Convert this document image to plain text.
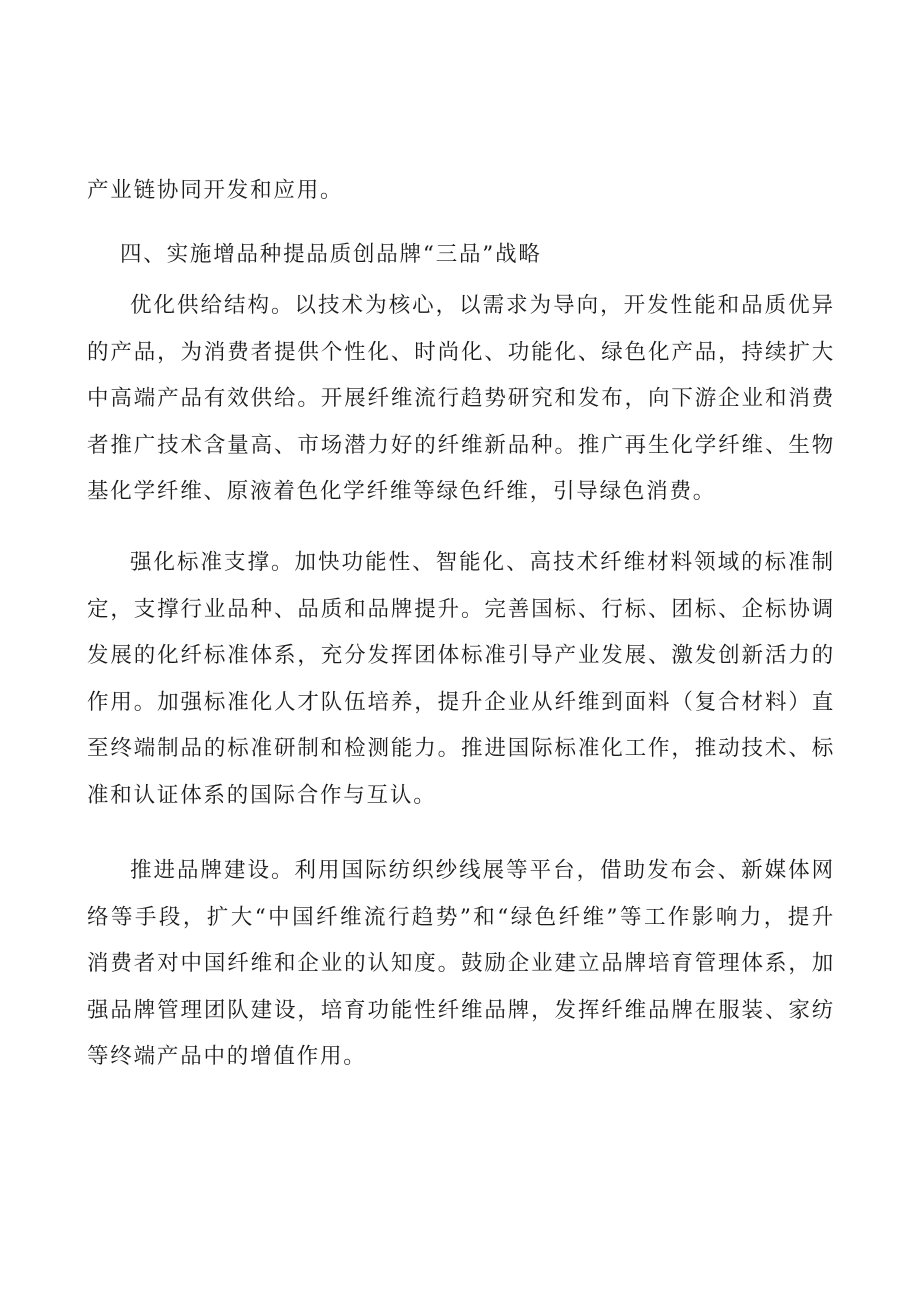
产业链协同开发和应用。

四、实施增品种提品质创品牌“三品”战略

优化供给结构。以技术为核心，以需求为导向，开发性能和品质优异的产品，为消费者提供个性化、时尚化、功能化、绿色化产品，持续扩大中高端产品有效供给。开展纤维流行趋势研究和发布，向下游企业和消费者推广技术含量高、市场潜力好的纤维新品种。推广再生化学纤维、生物基化学纤维、原液着色化学纤维等绿色纤维，引导绿色消费。

强化标准支撑。加快功能性、智能化、高技术纤维材料领域的标准制定，支撑行业品种、品质和品牌提升。完善国标、行标、团标、企标协调发展的化纤标准体系，充分发挥团体标准引导产业发展、激发创新活力的作用。加强标准化人才队伍培养，提升企业从纤维到面料（复合材料）直至终端制品的标准研制和检测能力。推进国际标准化工作，推动技术、标准和认证体系的国际合作与互认。

推进品牌建设。利用国际纺织纱线展等平台，借助发布会、新媒体网络等手段，扩大“中国纤维流行趋势”和“绿色纤维”等工作影响力，提升消费者对中国纤维和企业的认知度。鼓励企业建立品牌培育管理体系，加强品牌管理团队建设，培育功能性纤维品牌，发挥纤维品牌在服装、家纺等终端产品中的增值作用。
